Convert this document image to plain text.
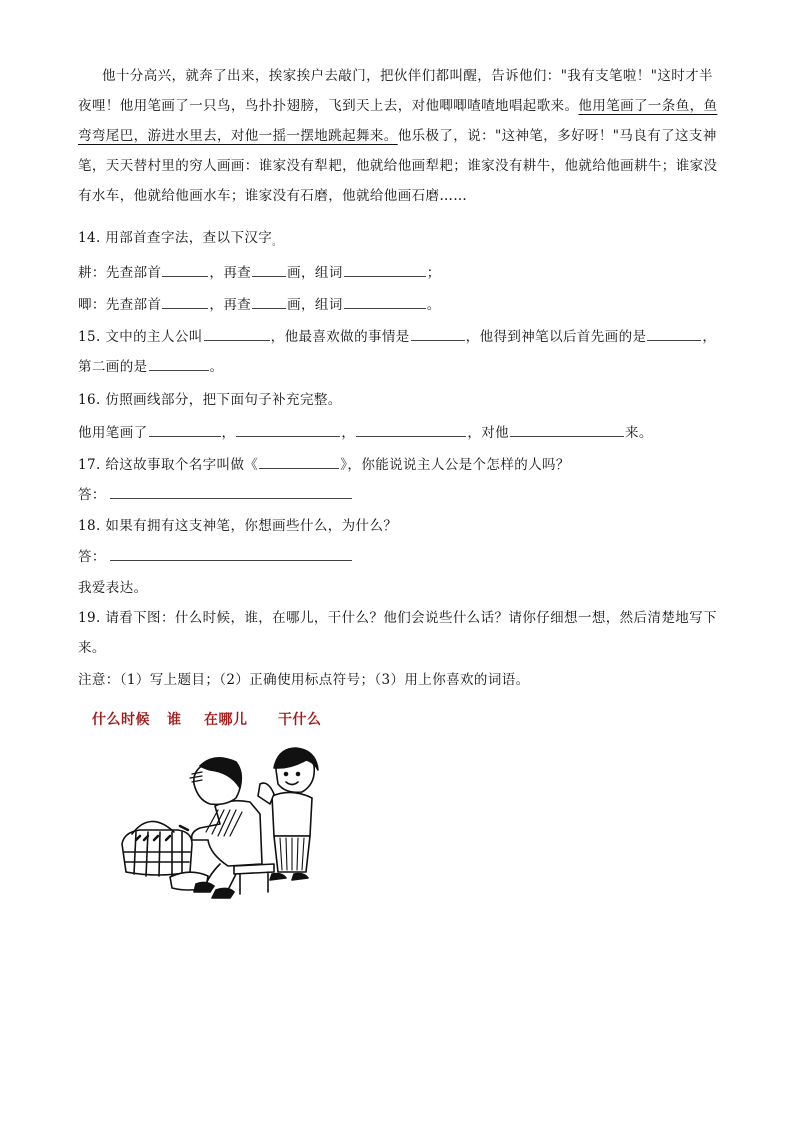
他十分高兴，就奔了出来，挨家挨户去敲门，把伙伴们都叫醒，告诉他们："我有支笔啦！"这时才半
夜哩！他用笔画了一只鸟，鸟扑扑翅膀，飞到天上去，对他唧唧喳喳地唱起歌来。他用笔画了一条鱼，鱼
弯弯尾巴，游进水里去，对他一摇一摆地跳起舞来。他乐极了，说："这神笔，多好呀！"马良有了这支神
笔，天天替村里的穷人画画：谁家没有犁耙，他就给他画犁耙；谁家没有耕牛，他就给他画耕牛；谁家没
有水车，他就给他画水车；谁家没有石磨，他就给他画石磨……
14. 用部首查字法，查以下汉字$_。$
耕：先查部首	，再查	画，组词	；
唧：先查部首	，再查	画，组词	。
15. 文中的主人公叫	，他最喜欢做的事情是	，他得到神笔以后首先画的是	，
第二画的是	。
16. 仿照画线部分，把下面句子补充完整。
他用笔画了	，	，	，对他	来。
17. 给这故事取个名字叫做《	》，你能说说主人公是个怎样的人吗？
答：
18. 如果有拥有这支神笔，你想画些什么，为什么？
答：
我爱表达。
19. 请看下图：什么时候，谁，在哪儿，干什么？他们会说些什么话？请你仔细想一想，然后清楚地写下
来。
注意：（1）写上题目；（2）正确使用标点符号；（3）用上你喜欢的词语。
什么时候 谁 在哪儿 干什么
